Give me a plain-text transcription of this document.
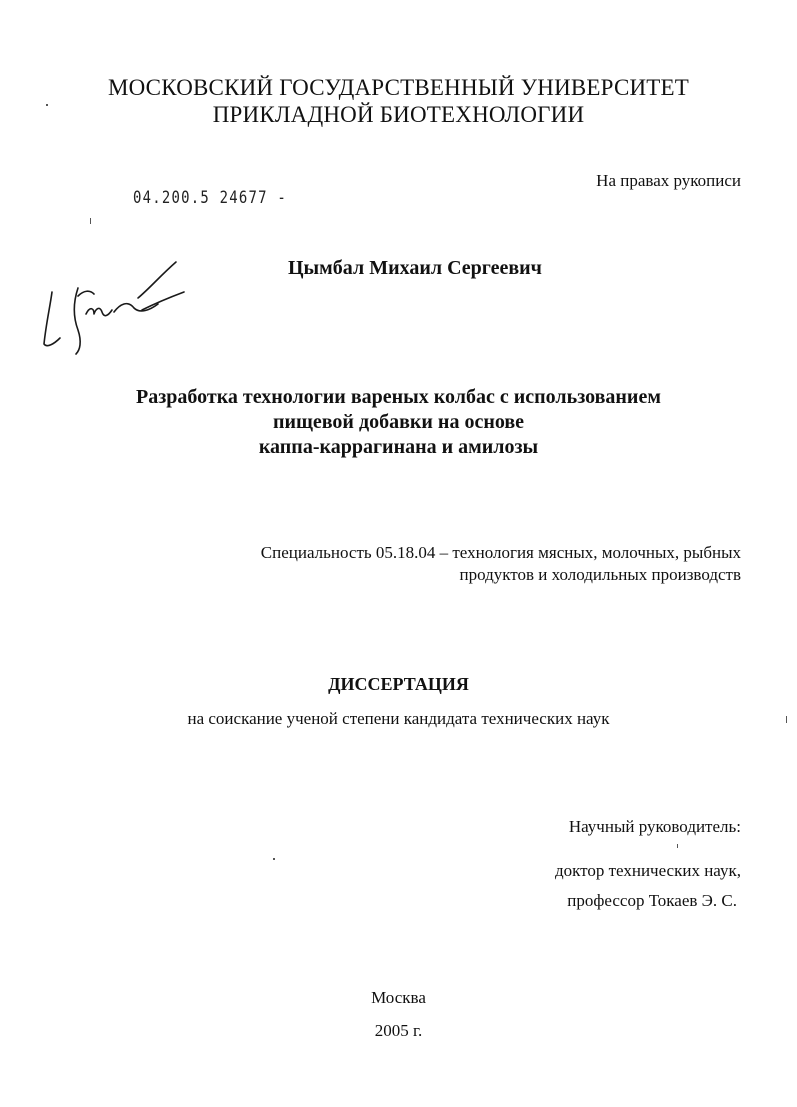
МОСКОВСКИЙ ГОСУДАРСТВЕННЫЙ УНИВЕРСИТЕТ
ПРИКЛАДНОЙ БИОТЕХНОЛОГИИ
На правах рукописи
04.200.5 24677 -
Цымбал Михаил Сергеевич
Разработка технологии вареных колбас с использованием
пищевой добавки на основе
каппа-каррагинана и амилозы
Специальность 05.18.04 – технология мясных, молочных, рыбных
продуктов и холодильных производств
ДИССЕРТАЦИЯ
на соискание ученой степени кандидата технических наук
Научный руководитель:
доктор технических наук,
профессор Токаев Э. С.
Москва
2005 г.
